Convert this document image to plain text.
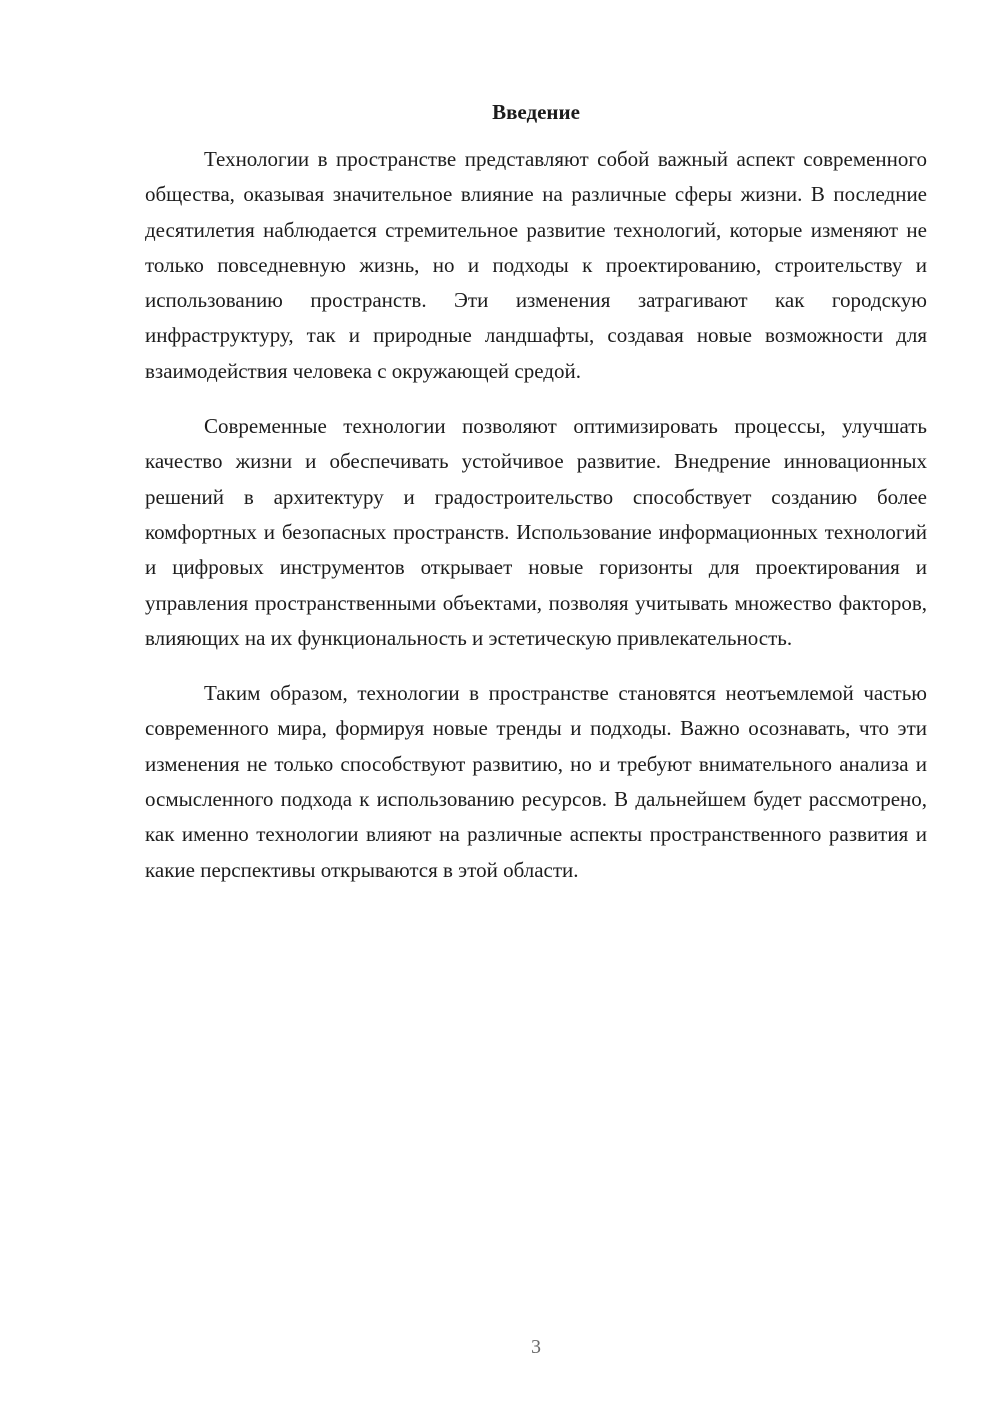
Введение

Технологии в пространстве представляют собой важный аспект современного общества, оказывая значительное влияние на различные сферы жизни. В последние десятилетия наблюдается стремительное развитие технологий, которые изменяют не только повседневную жизнь, но и подходы к проектированию, строительству и использованию пространств. Эти изменения затрагивают как городскую инфраструктуру, так и природные ландшафты, создавая новые возможности для взаимодействия человека с окружающей средой.

Современные технологии позволяют оптимизировать процессы, улучшать качество жизни и обеспечивать устойчивое развитие. Внедрение инновационных решений в архитектуру и градостроительство способствует созданию более комфортных и безопасных пространств. Использование информационных технологий и цифровых инструментов открывает новые горизонты для проектирования и управления пространственными объектами, позволяя учитывать множество факторов, влияющих на их функциональность и эстетическую привлекательность.

Таким образом, технологии в пространстве становятся неотъемлемой частью современного мира, формируя новые тренды и подходы. Важно осознавать, что эти изменения не только способствуют развитию, но и требуют внимательного анализа и осмысленного подхода к использованию ресурсов. В дальнейшем будет рассмотрено, как именно технологии влияют на различные аспекты пространственного развития и какие перспективы открываются в этой области.

3
